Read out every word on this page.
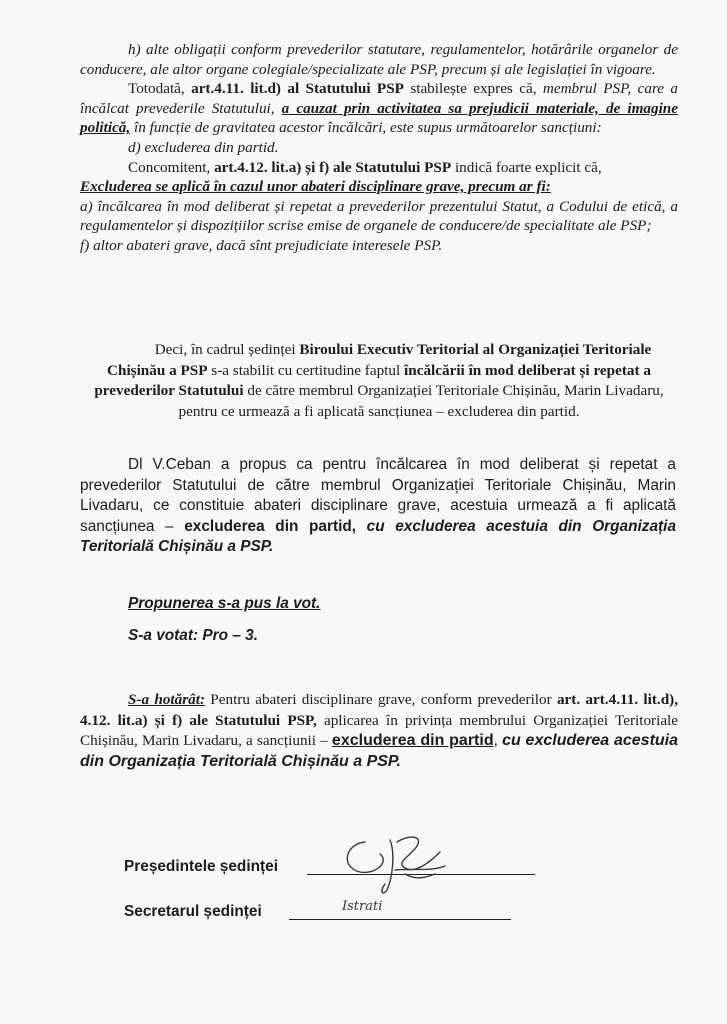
h) alte obligații conform prevederilor statutare, regulamentelor, hotărârile organelor de conducere, ale altor organe colegiale/specializate ale PSP, precum și ale legislației în vigoare.
Totodată, art.4.11. lit.d) al Statutului PSP stabilește expres că, membrul PSP, care a încălcat prevederile Statutului, a cauzat prin activitatea sa prejudicii materiale, de imagine politică, în funcție de gravitatea acestor încălcări, este supus următoarelor sancțiuni:
d) excluderea din partid.
Concomitent, art.4.12. lit.a) și f) ale Statutului PSP indică foarte explicit că,
Excluderea se aplică în cazul unor abateri disciplinare grave, precum ar fi:
a) încălcarea în mod deliberat și repetat a prevederilor prezentului Statut, a Codului de etică, a regulamentelor și dispozițiilor scrise emise de organele de conducere/de specialitate ale PSP;
f) altor abateri grave, dacă sînt prejudiciate interesele PSP.

Deci, în cadrul ședinței Biroului Executiv Teritorial al Organizației Teritoriale Chișinău a PSP s-a stabilit cu certitudine faptul încălcării în mod deliberat și repetat a prevederilor Statutului de către membrul Organizației Teritoriale Chișinău, Marin Livadaru, pentru ce urmează a fi aplicată sancțiunea – excluderea din partid.

Dl V.Ceban a propus ca pentru încălcarea în mod deliberat și repetat a prevederilor Statutului de către membrul Organizației Teritoriale Chișinău, Marin Livadaru, ce constituie abateri disciplinare grave, acestuia urmează a fi aplicată sancțiunea – excluderea din partid, cu excluderea acestuia din Organizația Teritorială Chișinău a PSP.

Propunerea s-a pus la vot.
S-a votat: Pro – 3.

S-a hotărât: Pentru abateri disciplinare grave, conform prevederilor art. art.4.11. lit.d), 4.12. lit.a) și f) ale Statutului PSP, aplicarea în privința membrului Organizației Teritoriale Chișinău, Marin Livadaru, a sancțiunii – excluderea din partid, cu excluderea acestuia din Organizația Teritorială Chișinău a PSP.

Președintele ședinței
Secretarul ședinței	Istrati
